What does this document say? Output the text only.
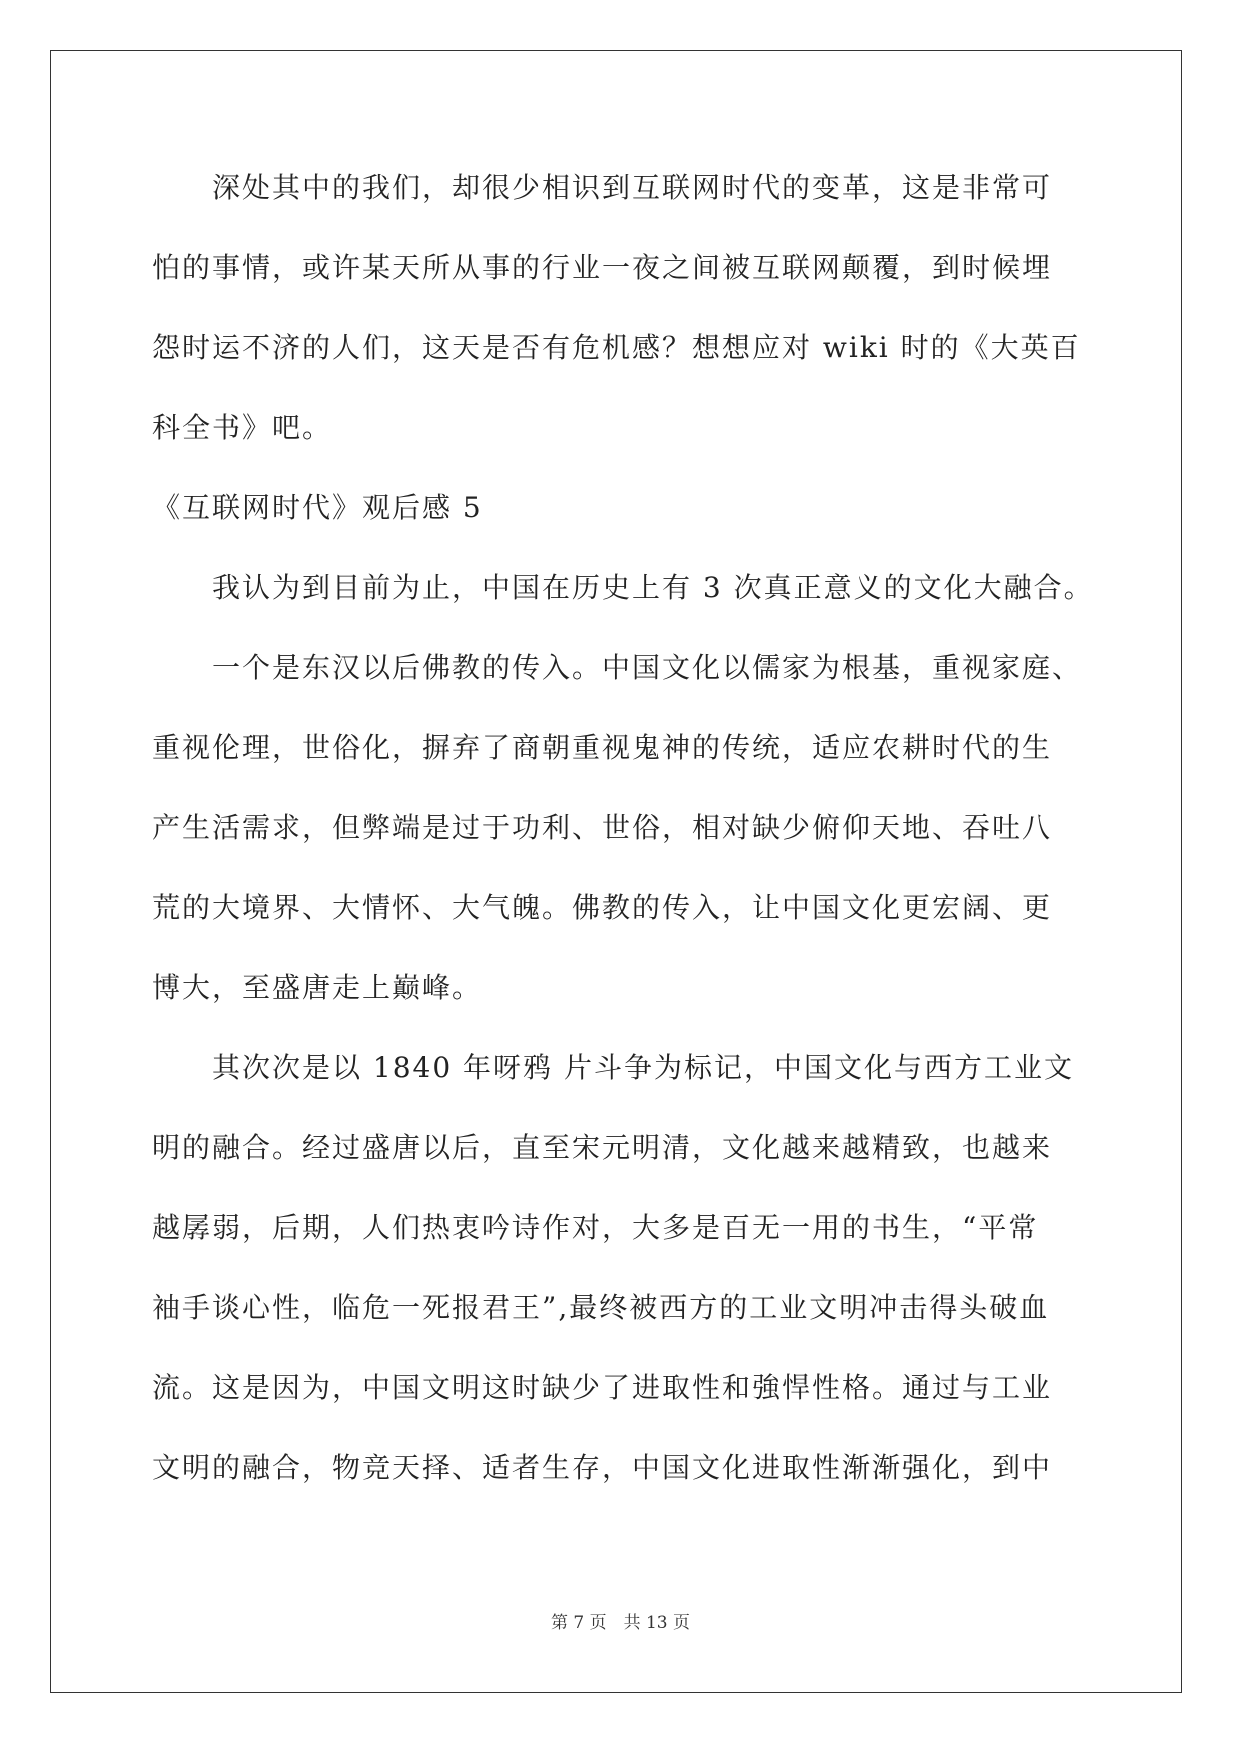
　　深处其中的我们，却很少相识到互联网时代的变革，这是非常可
怕的事情，或许某天所从事的行业一夜之间被互联网颠覆，到时候埋
怨时运不济的人们，这天是否有危机感？想想应对 wiki 时的《大英百
科全书》吧。
《互联网时代》观后感 5
　　我认为到目前为止，中国在历史上有 3 次真正意义的文化大融合。
　　一个是东汉以后佛教的传入。中国文化以儒家为根基，重视家庭、
重视伦理，世俗化，摒弃了商朝重视鬼神的传统，适应农耕时代的生
产生活需求，但弊端是过于功利、世俗，相对缺少俯仰天地、吞吐八
荒的大境界、大情怀、大气魄。佛教的传入，让中国文化更宏阔、更
博大，至盛唐走上巅峰。
　　其次次是以 1840 年呀鸦 片斗争为标记，中国文化与西方工业文
明的融合。经过盛唐以后，直至宋元明清，文化越来越精致，也越来
越孱弱，后期，人们热衷吟诗作对，大多是百无一用的书生，“平常
袖手谈心性，临危一死报君王”,最终被西方的工业文明冲击得头破血
流。这是因为，中国文明这时缺少了进取性和強悍性格。通过与工业
文明的融合，物竞天择、适者生存，中国文化进取性渐渐强化，到中
第 7 页　共 13 页
